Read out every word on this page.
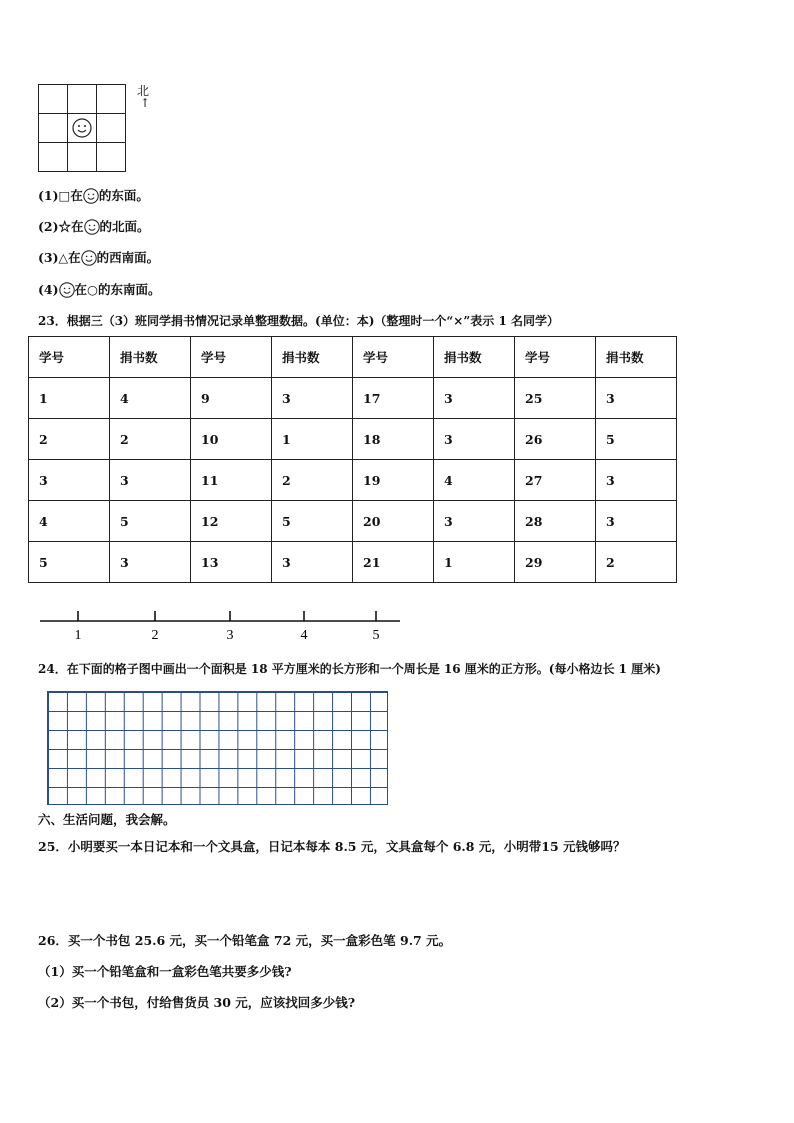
北
↑
(1)□在 的东面。
(2)☆在 的北面。
(3)△在 的西南面。
(4) 在○的东南面。
23．根据三（3）班同学捐书情况记录单整理数据。(单位：本)（整理时一个“×”表示 1 名同学）
学号	捐书数	学号	捐书数	学号	捐书数	学号	捐书数
1	4	9	3	17	3	25	3
2	2	10	1	18	3	26	5
3	3	11	2	19	4	27	3
4	5	12	5	20	3	28	3
5	3	13	3	21	1	29	2
1	2	3	4	5
24．在下面的格子图中画出一个面积是 18 平方厘米的长方形和一个周长是 16 厘米的正方形。(每小格边长 1 厘米)
六、生活问题，我会解。
25．小明要买一本日记本和一个文具盒，日记本每本 8.5 元，文具盒每个 6.8 元，小明带15 元钱够吗？
26．买一个书包 25.6 元，买一个铅笔盒 72 元，买一盒彩色笔 9.7 元。
（1）买一个铅笔盒和一盒彩色笔共要多少钱?
（2）买一个书包，付给售货员 30 元，应该找回多少钱?
